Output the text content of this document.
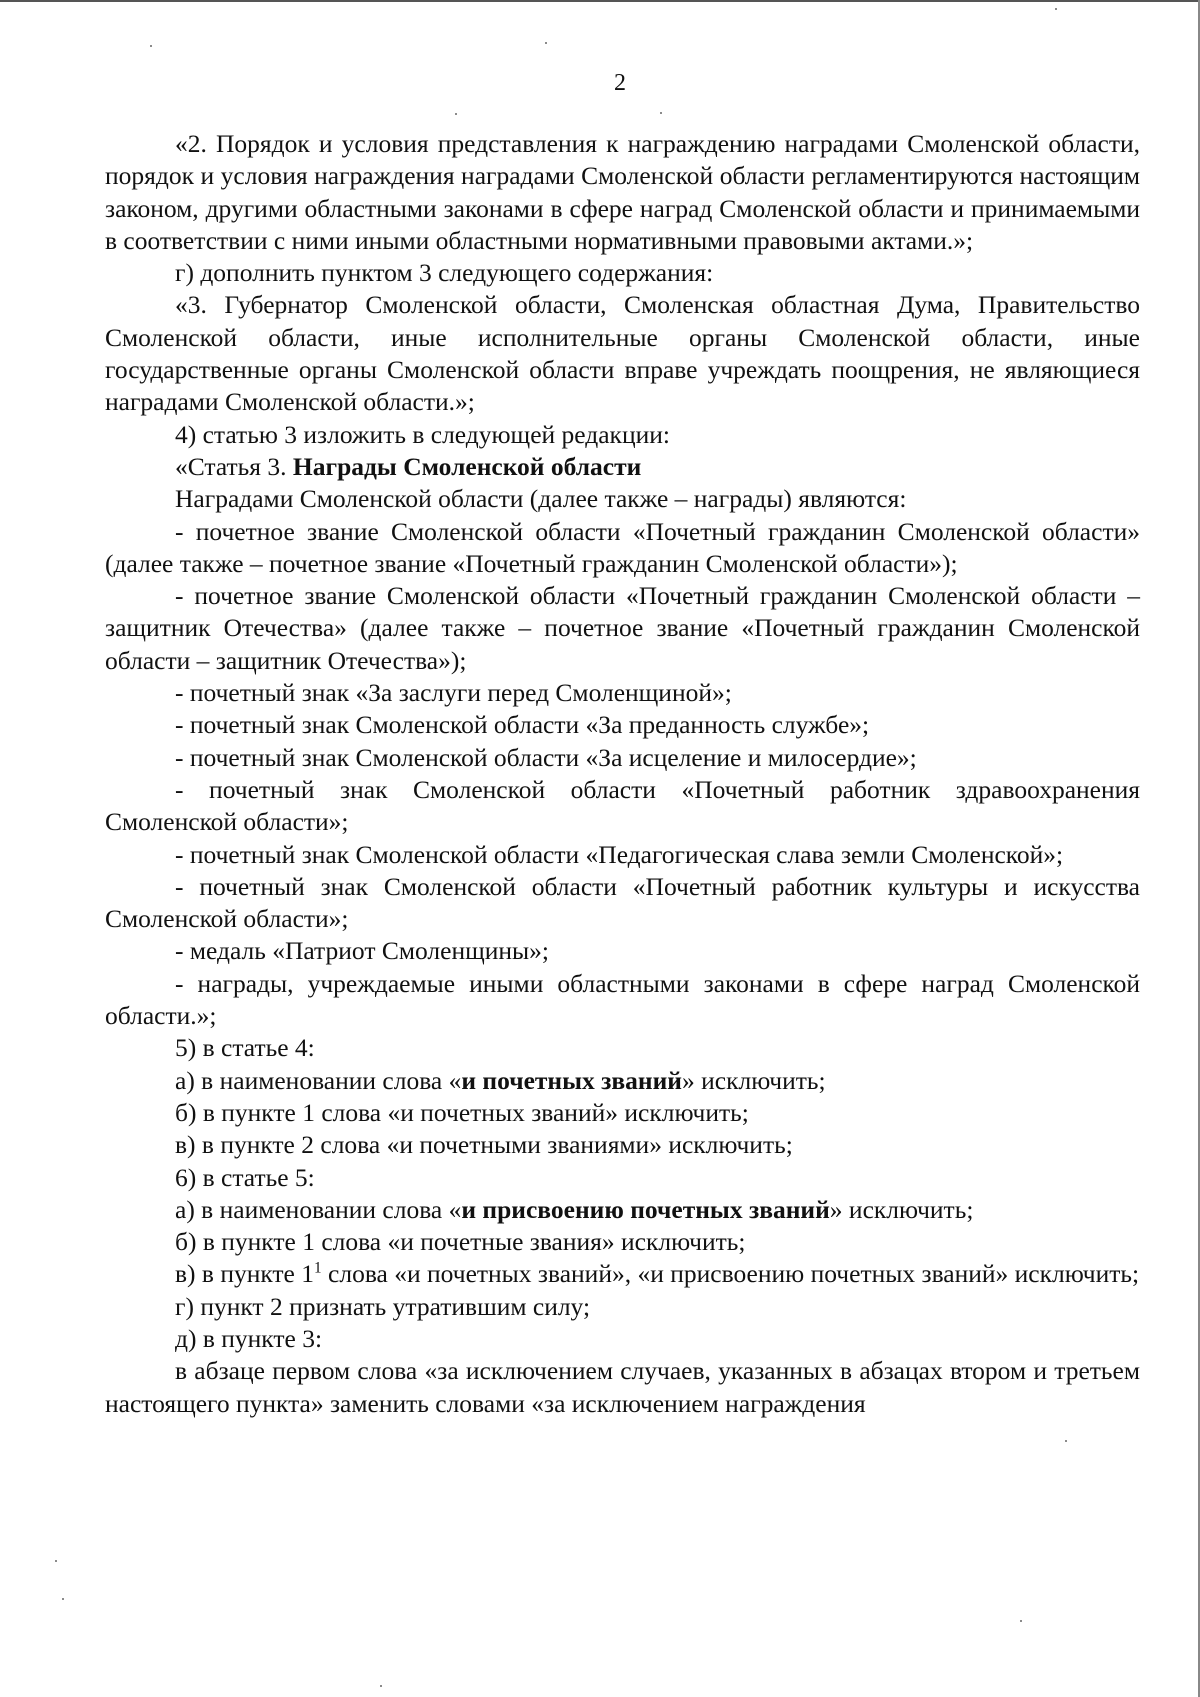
2

«2. Порядок и условия представления к награждению наградами Смоленской области, порядок и условия награждения наградами Смоленской области регламентируются настоящим законом, другими областными законами в сфере наград Смоленской области и принимаемыми в соответствии с ними иными областными нормативными правовыми актами.»;

г) дополнить пунктом 3 следующего содержания:

«3. Губернатор Смоленской области, Смоленская областная Дума, Правительство Смоленской области, иные исполнительные органы Смоленской области, иные государственные органы Смоленской области вправе учреждать поощрения, не являющиеся наградами Смоленской области.»;

4) статью 3 изложить в следующей редакции:

«Статья 3. Награды Смоленской области

Наградами Смоленской области (далее также – награды) являются:

- почетное звание Смоленской области «Почетный гражданин Смоленской области» (далее также – почетное звание «Почетный гражданин Смоленской области»);

- почетное звание Смоленской области «Почетный гражданин Смоленской области – защитник Отечества» (далее также – почетное звание «Почетный гражданин Смоленской области – защитник Отечества»);

- почетный знак «За заслуги перед Смоленщиной»;

- почетный знак Смоленской области «За преданность службе»;

- почетный знак Смоленской области «За исцеление и милосердие»;

- почетный знак Смоленской области «Почетный работник здравоохранения Смоленской области»;

- почетный знак Смоленской области «Педагогическая слава земли Смоленской»;

- почетный знак Смоленской области «Почетный работник культуры и искусства Смоленской области»;

- медаль «Патриот Смоленщины»;

- награды, учреждаемые иными областными законами в сфере наград Смоленской области.»;

5) в статье 4:

а) в наименовании слова «и почетных званий» исключить;

б) в пункте 1 слова «и почетных званий» исключить;

в) в пункте 2 слова «и почетными званиями» исключить;

6) в статье 5:

а) в наименовании слова «и присвоению почетных званий» исключить;

б) в пункте 1 слова «и почетные звания» исключить;

в) в пункте $1^1$ слова «и почетных званий», «и присвоению почетных званий» исключить;

г) пункт 2 признать утратившим силу;

д) в пункте 3:

в абзаце первом слова «за исключением случаев, указанных в абзацах втором и третьем настоящего пункта» заменить словами «за исключением награждения
